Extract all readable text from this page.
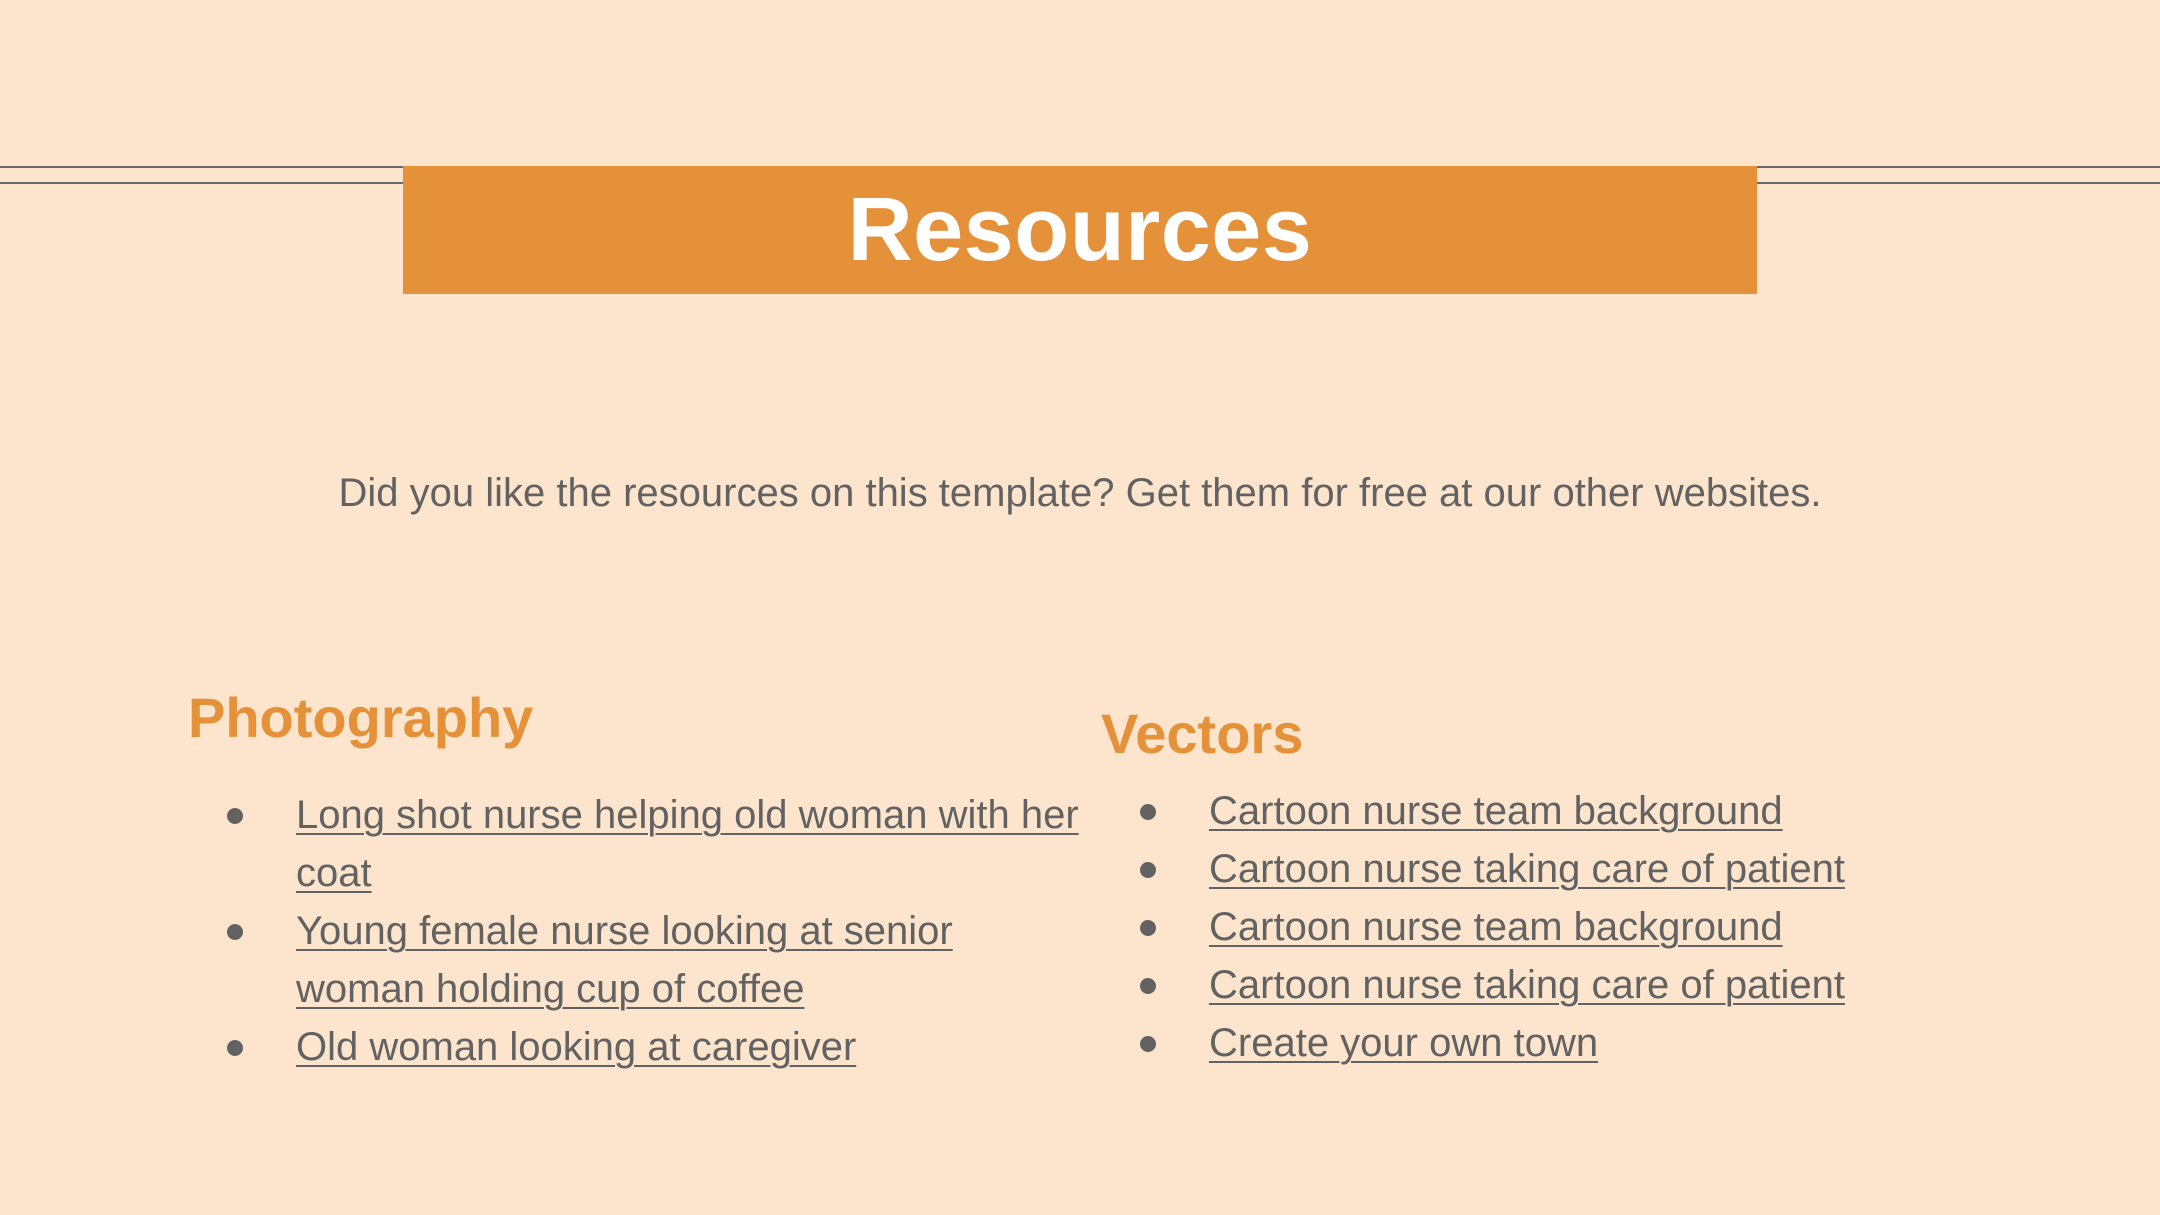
Resources
Did you like the resources on this template? Get them for free at our other websites.
Photography
Long shot nurse helping old woman with her coat
Young female nurse looking at senior woman holding cup of coffee
Old woman looking at caregiver
Vectors
Cartoon nurse team background
Cartoon nurse taking care of patient
Cartoon nurse team background
Cartoon nurse taking care of patient
Create your own town
